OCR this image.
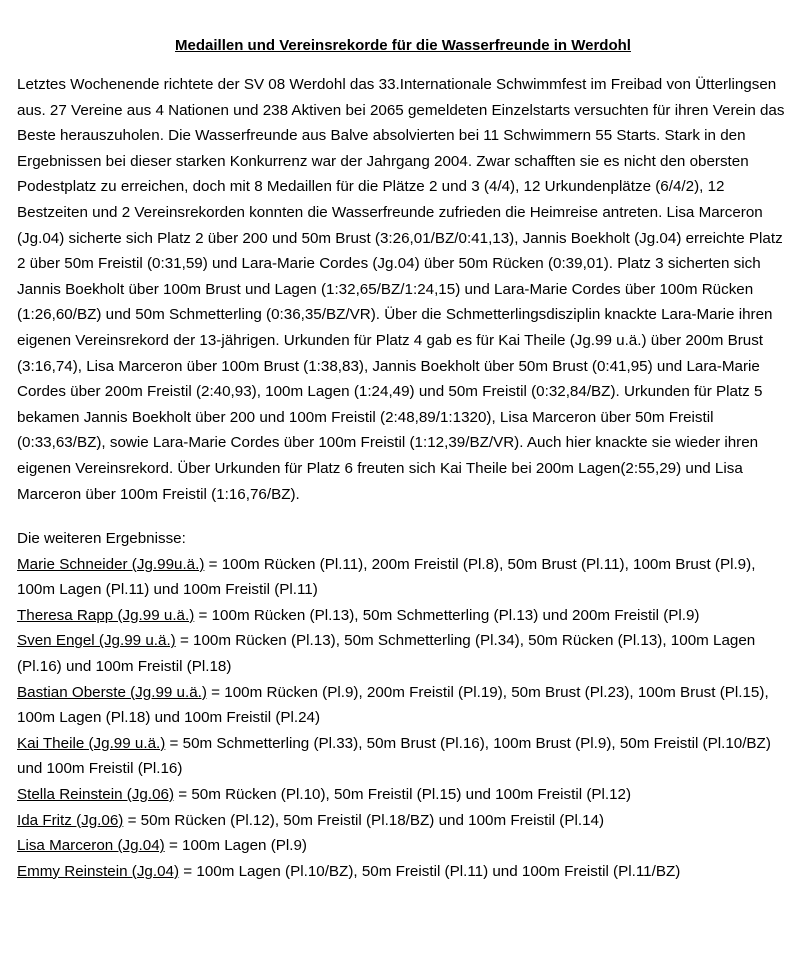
Medaillen und Vereinsrekorde für die Wasserfreunde in Werdohl

Letztes Wochenende richtete der SV 08 Werdohl das 33.Internationale Schwimmfest im Freibad von Ütterlingsen aus. 27 Vereine aus 4 Nationen und 238 Aktiven bei 2065 gemeldeten Einzelstarts versuchten für ihren Verein das Beste herauszuholen. Die Wasserfreunde aus Balve absolvierten bei 11 Schwimmern 55 Starts. Stark in den Ergebnissen bei dieser starken Konkurrenz war der Jahrgang 2004. Zwar schafften sie es nicht den obersten Podestplatz zu erreichen, doch mit 8 Medaillen für die Plätze 2 und 3 (4/4), 12 Urkundenplätze (6/4/2), 12 Bestzeiten und 2 Vereinsrekorden konnten die Wasserfreunde zufrieden die Heimreise antreten. Lisa Marceron (Jg.04) sicherte sich Platz 2 über 200 und 50m Brust (3:26,01/BZ/0:41,13), Jannis Boekholt (Jg.04) erreichte Platz 2 über 50m Freistil (0:31,59) und Lara-Marie Cordes (Jg.04) über 50m Rücken (0:39,01). Platz 3 sicherten sich Jannis Boekholt über 100m Brust und Lagen (1:32,65/BZ/1:24,15) und Lara-Marie Cordes über 100m Rücken (1:26,60/BZ) und 50m Schmetterling (0:36,35/BZ/VR). Über die Schmetterlingsdisziplin knackte Lara-Marie ihren eigenen Vereinsrekord der 13-jährigen. Urkunden für Platz 4 gab es für Kai Theile (Jg.99 u.ä.) über 200m Brust (3:16,74), Lisa Marceron über 100m Brust (1:38,83), Jannis Boekholt über 50m Brust (0:41,95) und Lara-Marie Cordes über 200m Freistil (2:40,93), 100m Lagen (1:24,49) und 50m Freistil (0:32,84/BZ). Urkunden für Platz 5 bekamen Jannis Boekholt über 200 und 100m Freistil (2:48,89/1:1320), Lisa Marceron über 50m Freistil (0:33,63/BZ), sowie Lara-Marie Cordes über 100m Freistil (1:12,39/BZ/VR). Auch hier knackte sie wieder ihren eigenen Vereinsrekord. Über Urkunden für Platz 6 freuten sich Kai Theile bei 200m Lagen(2:55,29) und Lisa Marceron über 100m Freistil (1:16,76/BZ).

Die weiteren Ergebnisse:

Marie Schneider (Jg.99u.ä.) = 100m Rücken (Pl.11), 200m Freistil (Pl.8), 50m Brust (Pl.11), 100m Brust (Pl.9), 100m Lagen (Pl.11) und 100m Freistil (Pl.11)

Theresa Rapp (Jg.99 u.ä.) = 100m Rücken (Pl.13), 50m Schmetterling (Pl.13) und 200m Freistil (Pl.9)

Sven Engel (Jg.99 u.ä.) = 100m Rücken (Pl.13), 50m Schmetterling (Pl.34), 50m Rücken (Pl.13), 100m Lagen (Pl.16) und 100m Freistil (Pl.18)

Bastian Oberste (Jg.99 u.ä.) = 100m Rücken (Pl.9), 200m Freistil (Pl.19), 50m Brust (Pl.23), 100m Brust (Pl.15), 100m Lagen (Pl.18) und 100m Freistil (Pl.24)

Kai Theile (Jg.99 u.ä.) = 50m Schmetterling (Pl.33), 50m Brust (Pl.16), 100m Brust (Pl.9), 50m Freistil (Pl.10/BZ) und 100m Freistil (Pl.16)

Stella Reinstein (Jg.06) = 50m Rücken (Pl.10), 50m Freistil (Pl.15) und 100m Freistil (Pl.12)

Ida Fritz (Jg.06) = 50m Rücken (Pl.12), 50m Freistil (Pl.18/BZ) und 100m Freistil (Pl.14)

Lisa Marceron (Jg.04) = 100m Lagen (Pl.9)

Emmy Reinstein (Jg.04) = 100m Lagen (Pl.10/BZ), 50m Freistil (Pl.11) und 100m Freistil (Pl.11/BZ)
